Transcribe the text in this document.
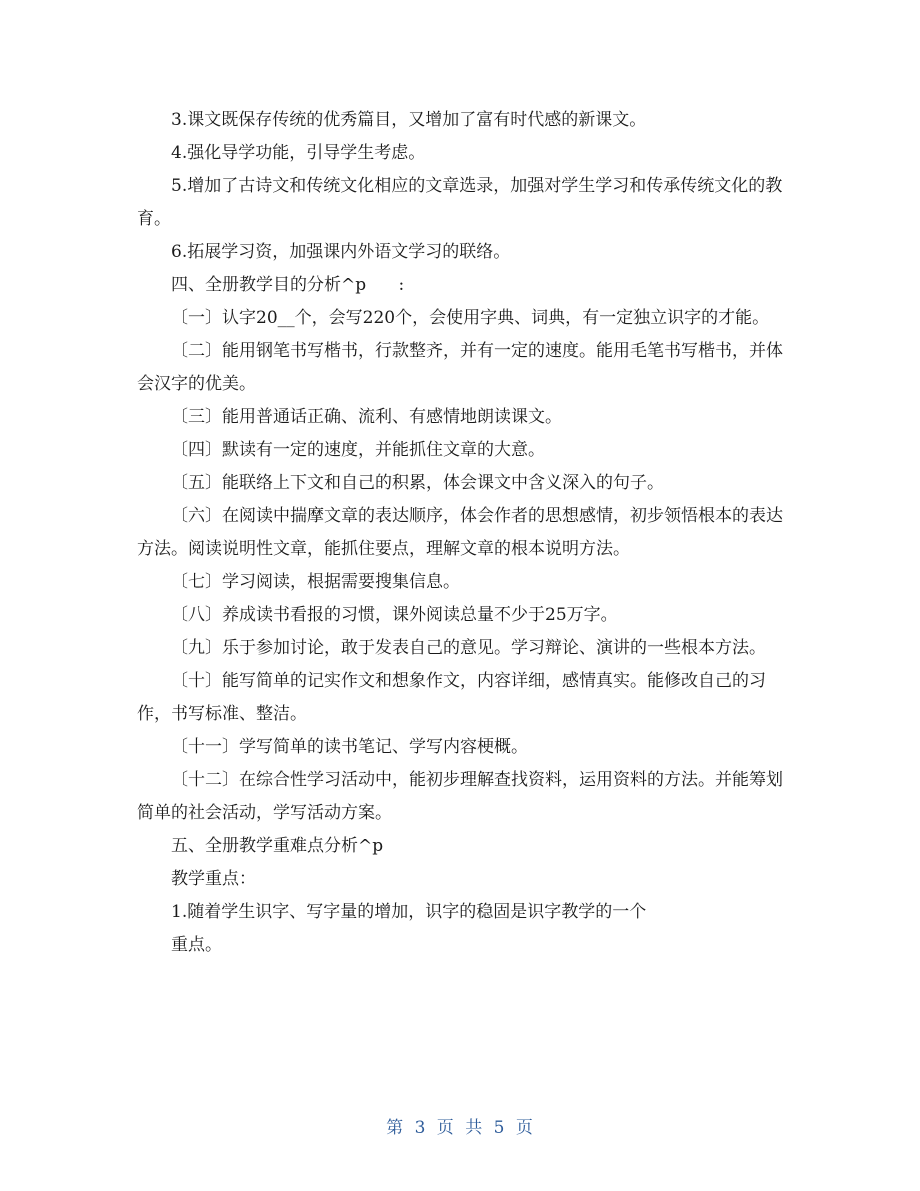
3.课文既保存传统的优秀篇目，又增加了富有时代感的新课文。

4.强化导学功能，引导学生考虑。

5.增加了古诗文和传统文化相应的文章选录，加强对学生学习和传承传统文化的教育。

6.拓展学习资，加强课内外语文学习的联络。

四、全册教学目的分析^p      :

〔一〕认字20__个，会写220个，会使用字典、词典，有一定独立识字的才能。

〔二〕能用钢笔书写楷书，行款整齐，并有一定的速度。能用毛笔书写楷书，并体会汉字的优美。

〔三〕能用普通话正确、流利、有感情地朗读课文。

〔四〕默读有一定的速度，并能抓住文章的大意。

〔五〕能联络上下文和自己的积累，体会课文中含义深入的句子。

〔六〕在阅读中揣摩文章的表达顺序，体会作者的思想感情，初步领悟根本的表达方法。阅读说明性文章，能抓住要点，理解文章的根本说明方法。

〔七〕学习阅读，根据需要搜集信息。

〔八〕养成读书看报的习惯，课外阅读总量不少于25万字。

〔九〕乐于参加讨论，敢于发表自己的意见。学习辩论、演讲的一些根本方法。

〔十〕能写简单的记实作文和想象作文，内容详细，感情真实。能修改自己的习作，书写标准、整洁。

〔十一〕学写简单的读书笔记、学写内容梗概。

〔十二〕在综合性学习活动中，能初步理解查找资料，运用资料的方法。并能筹划简单的社会活动，学写活动方案。

五、全册教学重难点分析^p

教学重点：

1.随着学生识字、写字量的增加，识字的稳固是识字教学的一个

重点。

第 3 页 共 5 页
